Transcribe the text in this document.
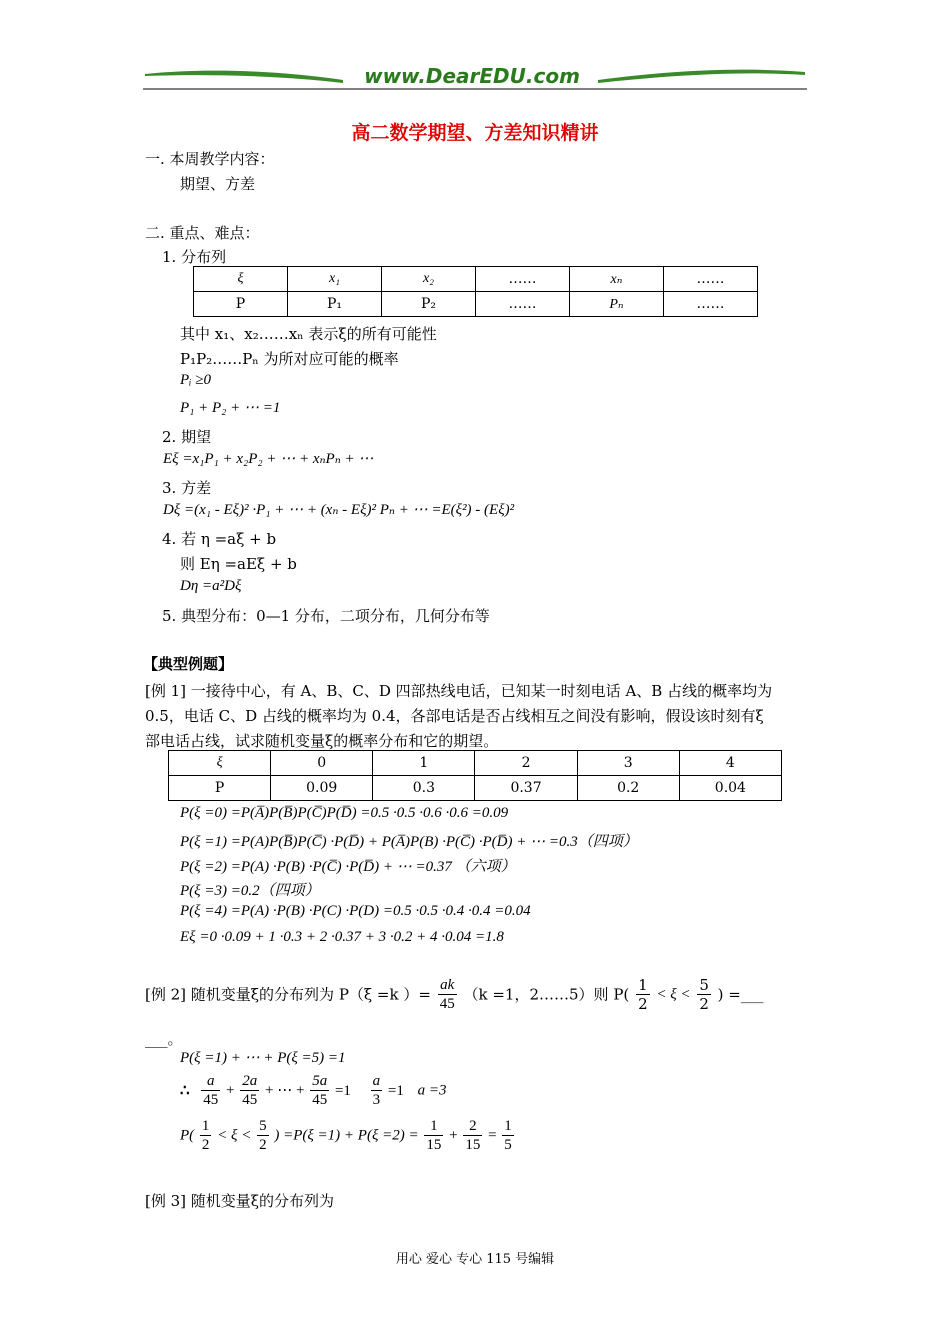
www.DearEDU.com
高二数学期望、方差知识精讲
一. 本周教学内容：
期望、方差
二. 重点、难点：
1. 分布列
ξ	x₁	x₂	……	xₙ	……
P	P₁	P₂	……	Pₙ	……
其中 x₁、x₂……xₙ 表示ξ的所有可能性
P₁P₂……Pₙ 为所对应可能的概率
Pᵢ ≥0
P₁ + P₂ + ⋯ =1
2. 期望
Eξ =x₁P₁ + x₂P₂ + ⋯ + xₙPₙ + ⋯
3. 方差
Dξ =(x₁ - Eξ)² ·P₁ + ⋯ + (xₙ - Eξ)² Pₙ + ⋯ =E(ξ²) - (Eξ)²
4. 若 η =aξ + b
则 Eη =aEξ + b
Dη =a²Dξ
5. 典型分布：0—1 分布，二项分布，几何分布等
【典型例题】
[例 1] 一接待中心，有 A、B、C、D 四部热线电话，已知某一时刻电话 A、B 占线的概率均为
0.5，电话 C、D 占线的概率均为 0.4，各部电话是否占线相互之间没有影响，假设该时刻有ξ
部电话占线，试求随机变量ξ的概率分布和它的期望。
ξ	0	1	2	3	4
P	0.09	0.3	0.37	0.2	0.04
P(ξ =0) =P(A̅)P(B̅)P(C̅)P(D̅) =0.5 ·0.5 ·0.6 ·0.6 =0.09
P(ξ =1) =P(A)P(B̅)P(C̅) ·P(D̅) + P(A̅)P(B) ·P(C̅) ·P(D̅) + ⋯ =0.3（四项）
P(ξ =2) =P(A) ·P(B) ·P(C̅) ·P(D̅) + ⋯ =0.37 （六项）
P(ξ =3) =0.2（四项）
P(ξ =4) =P(A) ·P(B) ·P(C) ·P(D) =0.5 ·0.5 ·0.4 ·0.4 =0.04
Eξ =0 ·0.09 + 1 ·0.3 + 2 ·0.37 + 3 ·0.2 + 4 ·0.04 =1.8
[例 2] 随机变量ξ的分布列为 P（ξ =k ）= $\frac{ak}{45} (k =1$，2……5）则 $P( \frac{1}{2} < \xi < \frac{5}{2}$ ) =___
___。
P(ξ =1) + ⋯ + P(ξ =5) =1
∴ $\frac{a}{45} + \frac{2a}{45}$ + ⋯ + $\frac{5a}{45} =1 \frac{a}{3} =1$ a =3
$P( \frac{1}{2} < \xi < \frac{5}{2}$ ) $=P(\xi =1) + P(\xi =2) = \frac{1}{15} + \frac{2}{15} = \frac{1}{5}$
[例 3] 随机变量ξ的分布列为
用心 爱心 专心 115 号编辑
